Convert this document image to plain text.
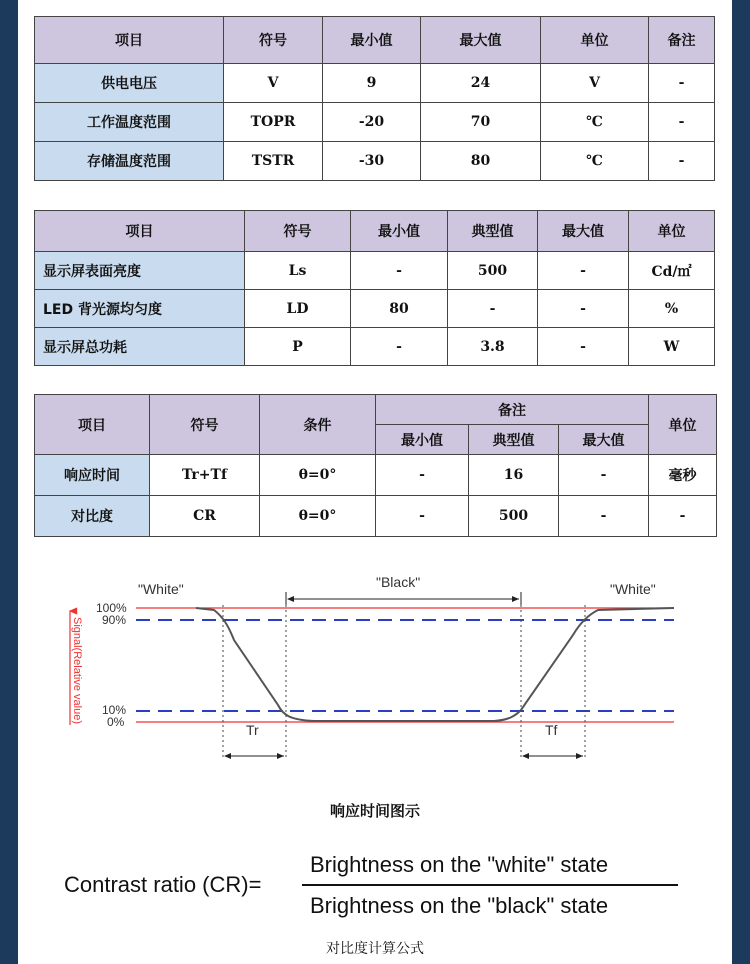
项目	符号	最小值	最大值	单位	备注
供电电压	V	9	24	V	-
工作温度范围	TOPR	-20	70	℃	-
存储温度范围	TSTR	-30	80	℃	-
项目	符号	最小值	典型值	最大值	单位
显示屏表面亮度	Ls	-	500	-	Cd/㎡
LED 背光源均匀度	LD	80	-	-	%
显示屏总功耗	P	-	3.8	-	W
项目	符号	条件	备注			单位
			最小值	典型值	最大值	
响应时间	Tr+Tf	θ=0°	-	16	-	毫秒
对比度	CR	θ=0°	-	500	-	-
"White"	"Black"	"White"
100%
90%
10%
0%
Signal(Relative value)
Tr	Tf
响应时间图示
Contrast ratio (CR)=
Brightness on the "white" state
Brightness on the "black" state
对比度计算公式
